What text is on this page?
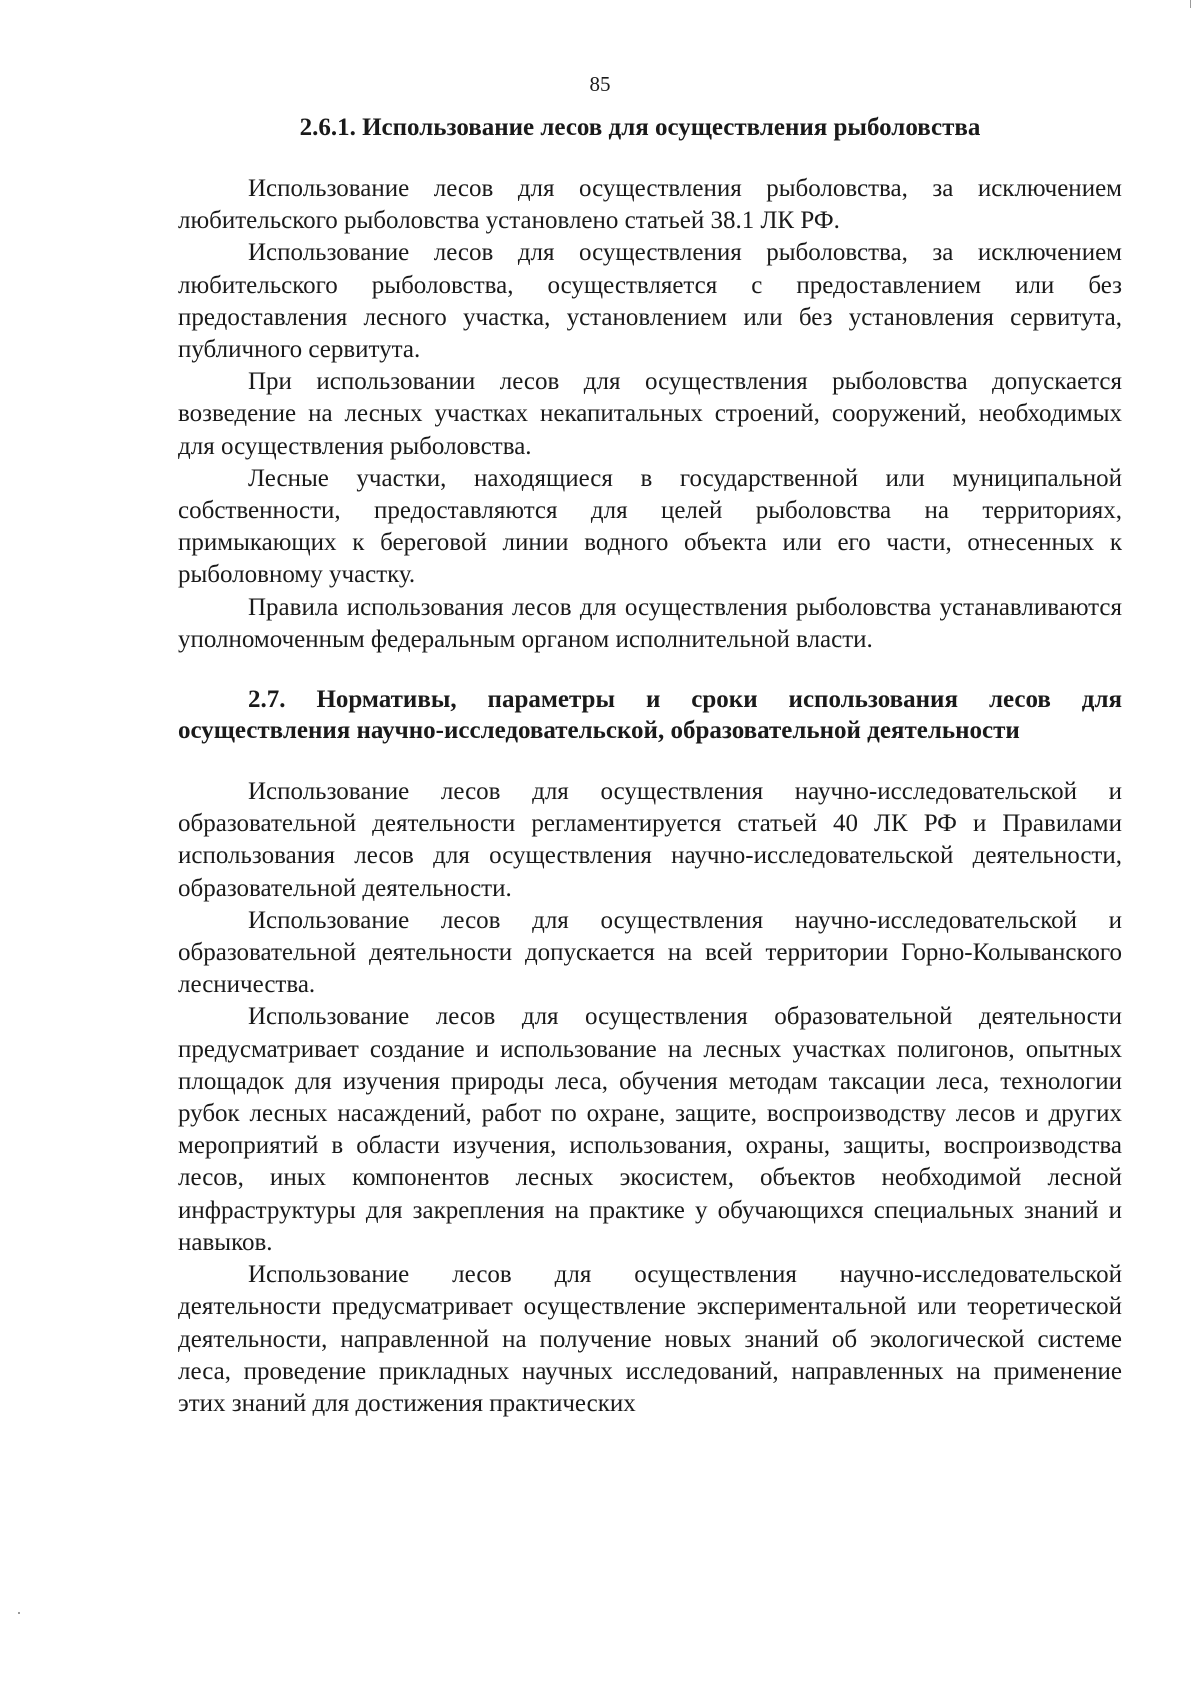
85
2.6.1. Использование лесов для осуществления рыболовства

Использование лесов для осуществления рыболовства, за исключением любительского рыболовства установлено статьей 38.1 ЛК РФ.

Использование лесов для осуществления рыболовства, за исключением любительского рыболовства, осуществляется с предоставлением или без предоставления лесного участка, установлением или без установления сервитута, публичного сервитута.

При использовании лесов для осуществления рыболовства допускается возведение на лесных участках некапитальных строений, сооружений, необходимых для осуществления рыболовства.

Лесные участки, находящиеся в государственной или муниципальной собственности, предоставляются для целей рыболовства на территориях, примыкающих к береговой линии водного объекта или его части, отнесенных к рыболовному участку.

Правила использования лесов для осуществления рыболовства устанавливаются уполномоченным федеральным органом исполнительной власти.

2.7. Нормативы, параметры и сроки использования лесов для осуществления научно-исследовательской, образовательной деятельности

Использование лесов для осуществления научно-исследовательской и образовательной деятельности регламентируется статьей 40 ЛК РФ и Правилами использования лесов для осуществления научно-исследовательской деятельности, образовательной деятельности.

Использование лесов для осуществления научно-исследовательской и образовательной деятельности допускается на всей территории Горно-Колыванского лесничества.

Использование лесов для осуществления образовательной деятельности предусматривает создание и использование на лесных участках полигонов, опытных площадок для изучения природы леса, обучения методам таксации леса, технологии рубок лесных насаждений, работ по охране, защите, воспроизводству лесов и других мероприятий в области изучения, использования, охраны, защиты, воспроизводства лесов, иных компонентов лесных экосистем, объектов необходимой лесной инфраструктуры для закрепления на практике у обучающихся специальных знаний и навыков.

Использование лесов для осуществления научно-исследовательской деятельности предусматривает осуществление экспериментальной или теоретической деятельности, направленной на получение новых знаний об экологической системе леса, проведение прикладных научных исследований, направленных на применение этих знаний для достижения практических
